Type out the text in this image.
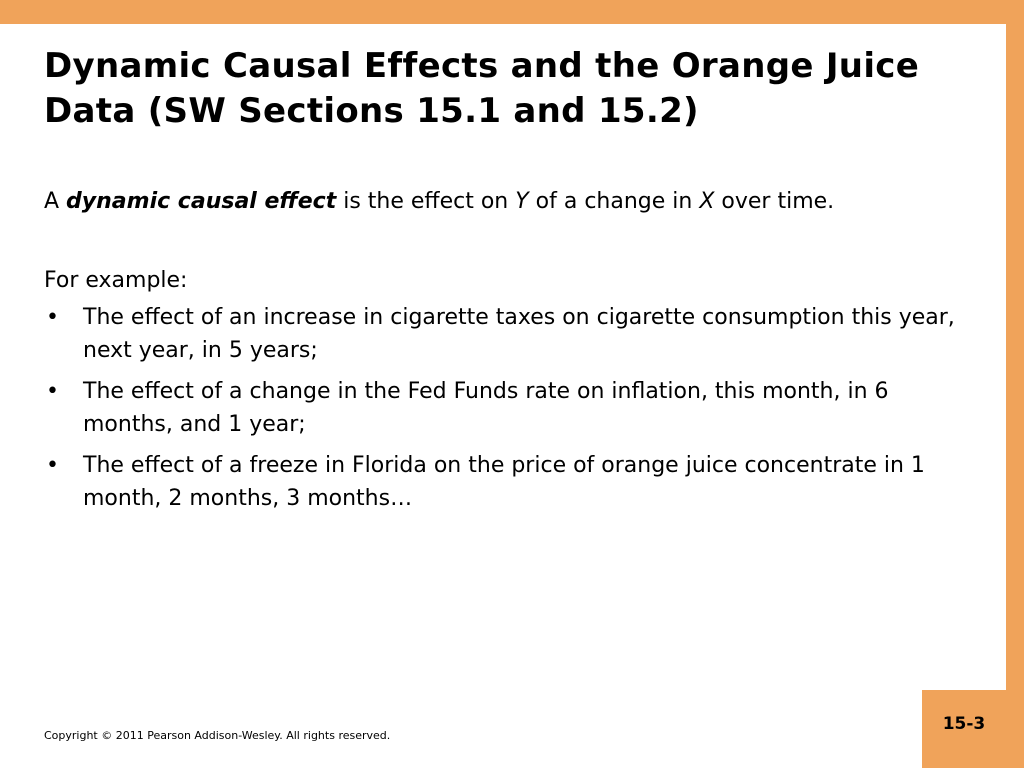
15-3
Dynamic Causal Effects and the Orange Juice Data (SW Sections 15.1 and 15.2)

A dynamic causal effect is the effect on Y of a change in X over time.

For example:

• The effect of an increase in cigarette taxes on cigarette consumption this year, next year, in 5 years;
• The effect of a change in the Fed Funds rate on inflation, this month, in 6 months, and 1 year;
• The effect of a freeze in Florida on the price of orange juice concentrate in 1 month, 2 months, 3 months…
Copyright © 2011 Pearson Addison-Wesley. All rights reserved.
